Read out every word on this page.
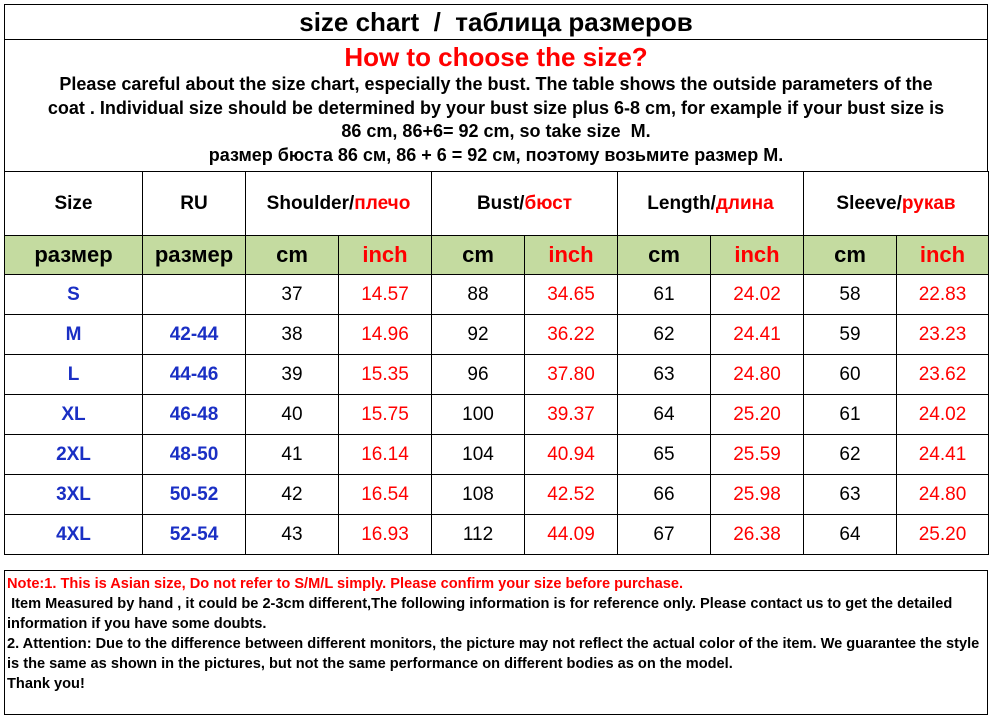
size chart  /  таблица размеров
How to choose the size?
Please careful about the size chart, especially the bust. The table shows the outside parameters of the
coat . Individual size should be determined by your bust size plus 6-8 cm, for example if your bust size is
86 cm, 86+6= 92 cm, so take size  M.
размер бюста 86 см, 86 + 6 = 92 см, поэтому возьмите размер M.
Size	RU	Shoulder/плечо		Bust/бюст		Length/длина		Sleeve/рукав	
размер	размер	cm	inch	cm	inch	cm	inch	cm	inch
S		37	14.57	88	34.65	61	24.02	58	22.83
M	42-44	38	14.96	92	36.22	62	24.41	59	23.23
L	44-46	39	15.35	96	37.80	63	24.80	60	23.62
XL	46-48	40	15.75	100	39.37	64	25.20	61	24.02
2XL	48-50	41	16.14	104	40.94	65	25.59	62	24.41
3XL	50-52	42	16.54	108	42.52	66	25.98	63	24.80
4XL	52-54	43	16.93	112	44.09	67	26.38	64	25.20
Note:1. This is Asian size, Do not refer to S/M/L simply. Please confirm your size before purchase.
Item Measured by hand , it could be 2-3cm different,The following information is for reference only. Please contact us to get the detailed information if you have some doubts.
2. Attention: Due to the difference between different monitors, the picture may not reflect the actual color of the item. We guarantee the style is the same as shown in the pictures, but not the same performance on different bodies as on the model.
Thank you!
